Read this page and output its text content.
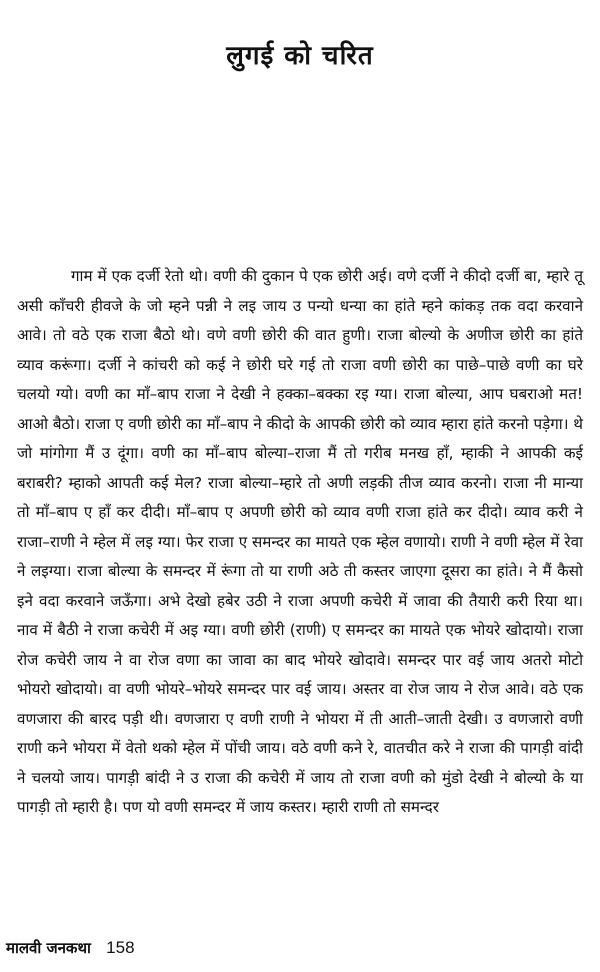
लुगई को चरित

गाम में एक दर्जी रेतो थो। वणी की दुकान पे एक छोरी अई। वणे दर्जी ने कीदो दर्जी बा, म्हारे तू असी काँचरी हीवजे के जो म्हने पन्नी ने लइ जाय उ पन्यो धन्या का हांते म्हने कांकड़ तक वदा करवाने आवे। तो वठे एक राजा बैठो थो। वणे वणी छोरी की वात हुणी। राजा बोल्यो के अणीज छोरी का हांते व्याव करूंगा। दर्जी ने कांचरी को कई ने छोरी घरे गई तो राजा वणी छोरी का पाछे–पाछे वणी का घरे चलयो ग्यो। वणी का माँ–बाप राजा ने देखी ने हक्का–बक्का रइ ग्या। राजा बोल्या, आप घबराओ मत! आओ बैठो। राजा ए वणी छोरी का माँ–बाप ने कीदो के आपकी छोरी को व्याव म्हारा हांते करनो पड़ेगा। थे जो मांगोगा मैं उ दूंगा। वणी का माँ–बाप बोल्या–राजा मैं तो गरीब मनख हाँ, म्हाकी ने आपकी कई बराबरी? म्हाको आपती कई मेल? राजा बोल्या–म्हारे तो अणी लड़की तीज व्याव करनो। राजा नी मान्या तो माँ–बाप ए हाँ कर दीदी। माँ–बाप ए अपणी छोरी को व्याव वणी राजा हांते कर दीदो। व्याव करी ने राजा–राणी ने म्हेल में लइ ग्या। फेर राजा ए समन्दर का मायते एक म्हेल वणायो। राणी ने वणी म्हेल में रेवा ने लइग्या। राजा बोल्या के समन्दर में रूंगा तो या राणी अठे ती कस्तर जाएगा दूसरा का हांते। ने मैं कैसो इने वदा करवाने जऊँगा। अभे देखो हबेर उठी ने राजा अपणी कचेरी में जावा की तैयारी करी रिया था। नाव में बैठी ने राजा कचेरी में अइ ग्या। वणी छोरी (राणी) ए समन्दर का मायते एक भोयरे खोदायो। राजा रोज कचेरी जाय ने वा रोज वणा का जावा का बाद भोयरे खोदावे। समन्दर पार वई जाय अतरो मोटो भोयरो खोदायो। वा वणी भोयरे–भोयरे समन्दर पार वई जाय। अस्तर वा रोज जाय ने रोज आवे। वठे एक वणजारा की बारद पड़ी थी। वणजारा ए वणी राणी ने भोयरा में ती आती–जाती देखी। उ वणजारो वणी राणी कने भोयरा में वेतो थको म्हेल में पोंची जाय। वठे वणी कने रे, वातचीत करे ने राजा की पागड़ी वांदी ने चलयो जाय। पागड़ी बांदी ने उ राजा की कचेरी में जाय तो राजा वणी को मुंडो देखी ने बोल्यो के या पागड़ी तो म्हारी है। पण यो वणी समन्दर में जाय कस्तर। म्हारी राणी तो समन्दर

मालवी जनकथा 158
